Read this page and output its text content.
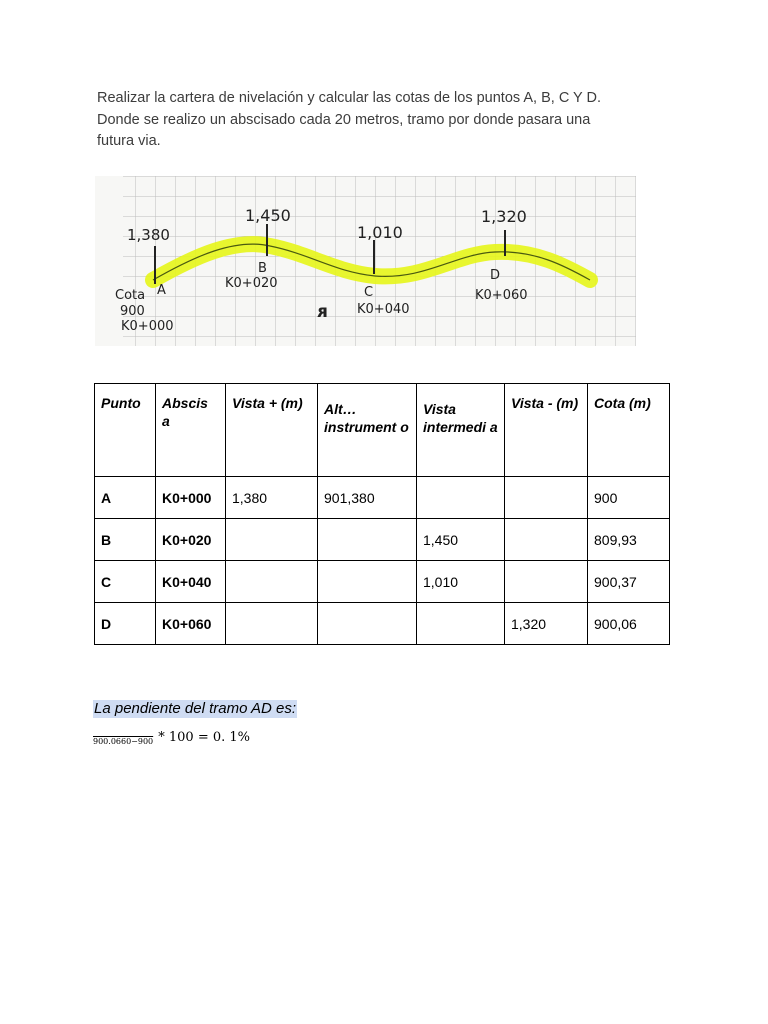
Realizar la cartera de nivelación y calcular las cotas de los puntos A, B, C Y D.
Donde se realizo un abscisado cada 20 metros, tramo por donde pasara una
futura via.
1,380
1,450
1,010
1,320
A
B
C
D
K0+020
K0+040
K0+060
Cota
900
K0+000
ᴙ
Punto	Abscis a	Vista + (m)	Alt… instrument o	Vista intermedi a	Vista - (m)	Cota (m)
A	K0+000	1,380	901,380			900
B	K0+020			1,450		809,93
C	K0+040			1,010		900,37
D	K0+060				1,320	900,06
La pendiente del tramo AD es:
900.0660−900 * 100 = 0. 1%
